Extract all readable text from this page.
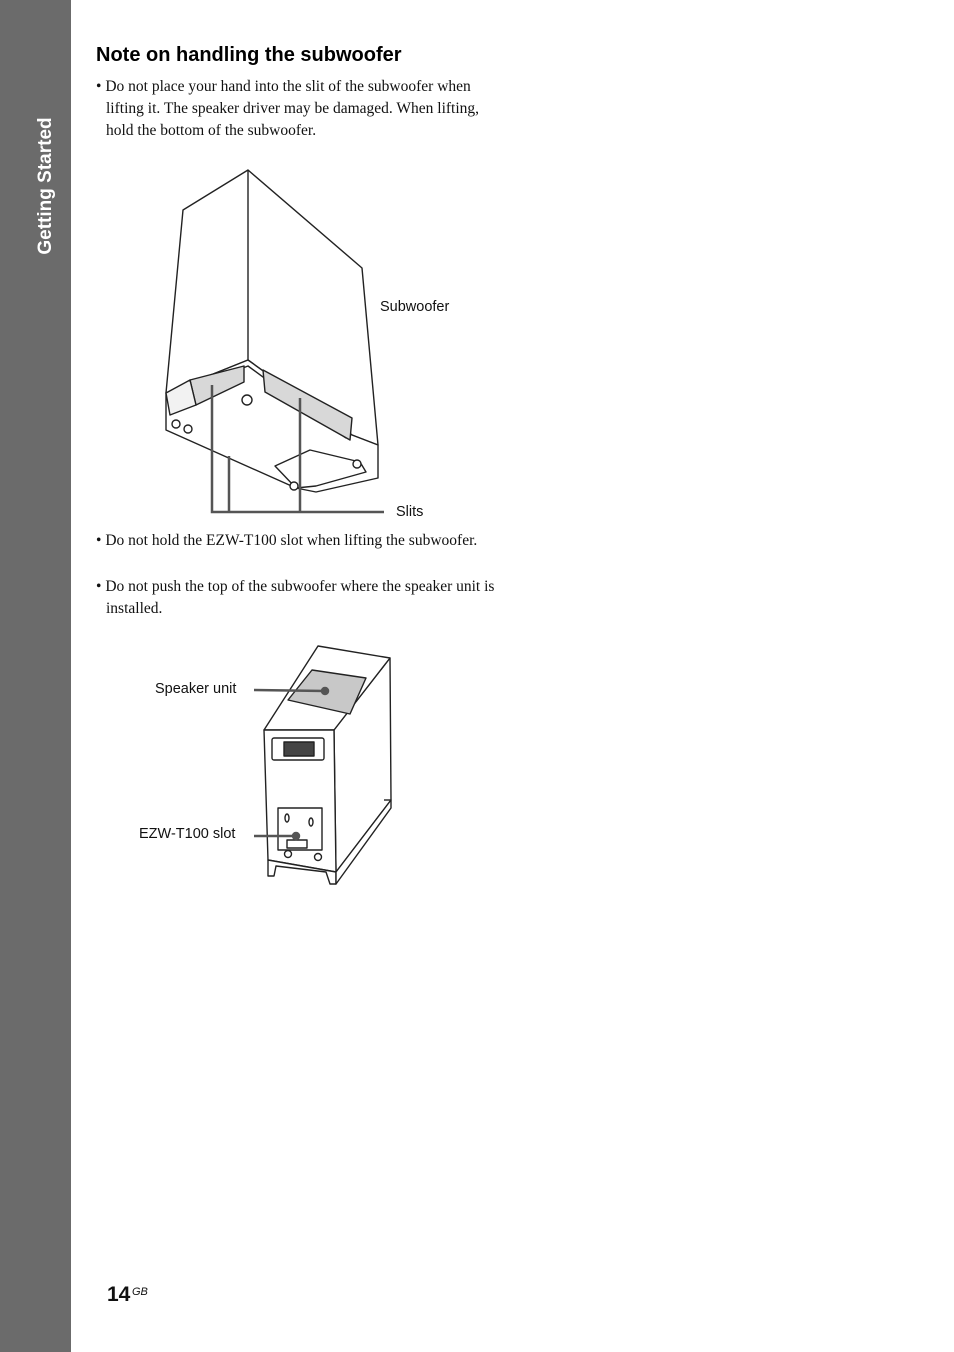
Getting Started
Note on handling the subwoofer
• Do not place your hand into the slit of the subwoofer when lifting it. The speaker driver may be damaged. When lifting, hold the bottom of the subwoofer.
Subwoofer
Slits
• Do not hold the EZW-T100 slot when lifting the subwoofer.
• Do not push the top of the subwoofer where the speaker unit is installed.
Speaker unit
EZW-T100 slot
14 GB
